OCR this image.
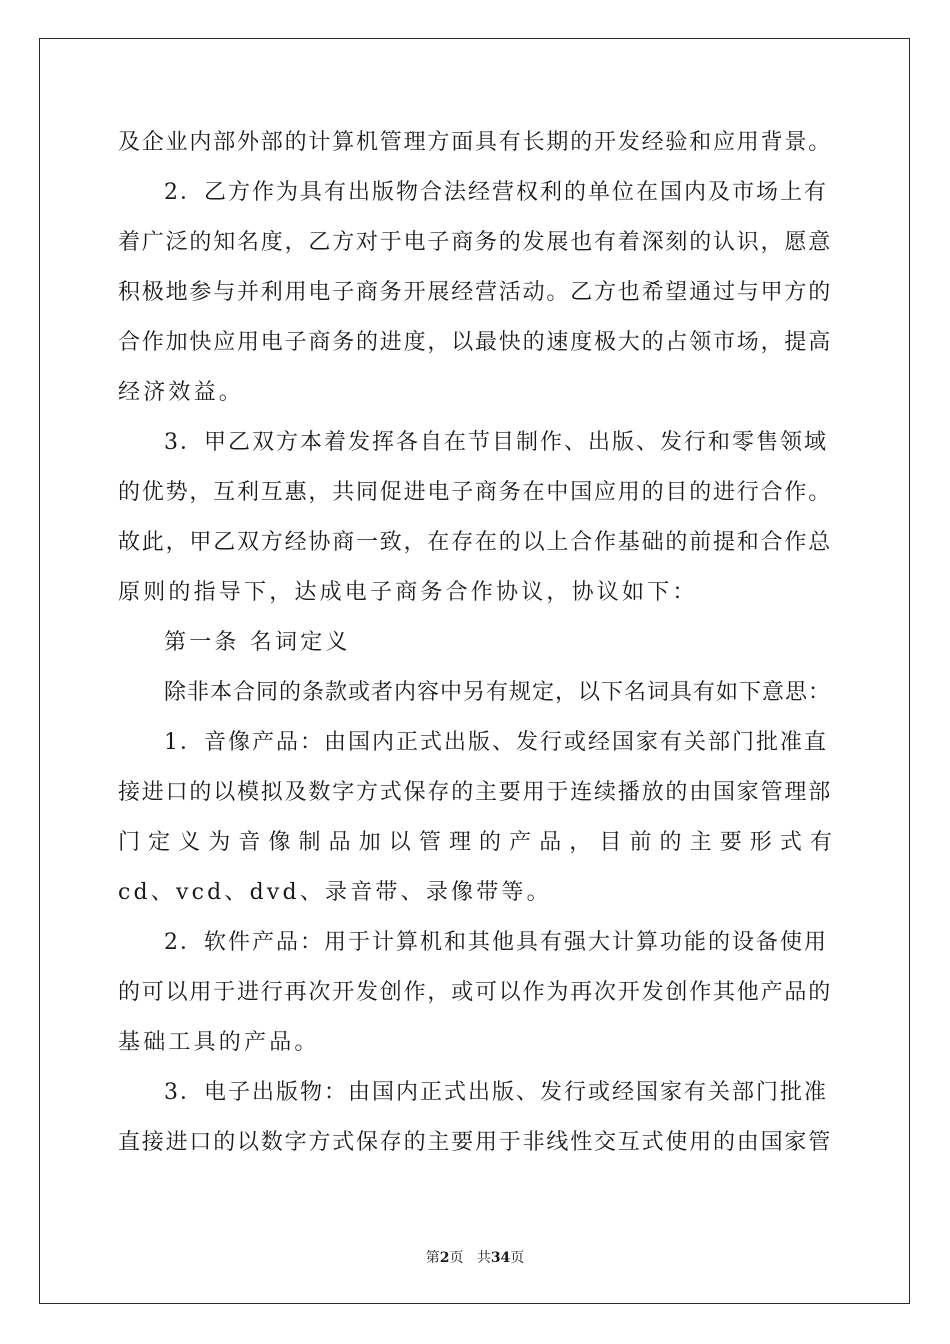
及企业内部外部的计算机管理方面具有长期的开发经验和应用背景。
2．乙方作为具有出版物合法经营权利的单位在国内及市场上有
着广泛的知名度，乙方对于电子商务的发展也有着深刻的认识，愿意
积极地参与并利用电子商务开展经营活动。乙方也希望通过与甲方的
合作加快应用电子商务的进度，以最快的速度极大的占领市场，提高
经济效益。
3．甲乙双方本着发挥各自在节目制作、出版、发行和零售领域
的优势，互利互惠，共同促进电子商务在中国应用的目的进行合作。
故此，甲乙双方经协商一致，在存在的以上合作基础的前提和合作总
原则的指导下，达成电子商务合作协议，协议如下：
第一条 名词定义
除非本合同的条款或者内容中另有规定，以下名词具有如下意思：
1．音像产品：由国内正式出版、发行或经国家有关部门批准直
接进口的以模拟及数字方式保存的主要用于连续播放的由国家管理部
门 定 义 为 音 像 制 品 加 以 管 理 的 产 品 ， 目 前 的 主 要 形 式 有
cd、vcd、dvd、录音带、录像带等。
2．软件产品：用于计算机和其他具有强大计算功能的设备使用
的可以用于进行再次开发创作，或可以作为再次开发创作其他产品的
基础工具的产品。
3．电子出版物：由国内正式出版、发行或经国家有关部门批准
直接进口的以数字方式保存的主要用于非线性交互式使用的由国家管
第2页 共34页
